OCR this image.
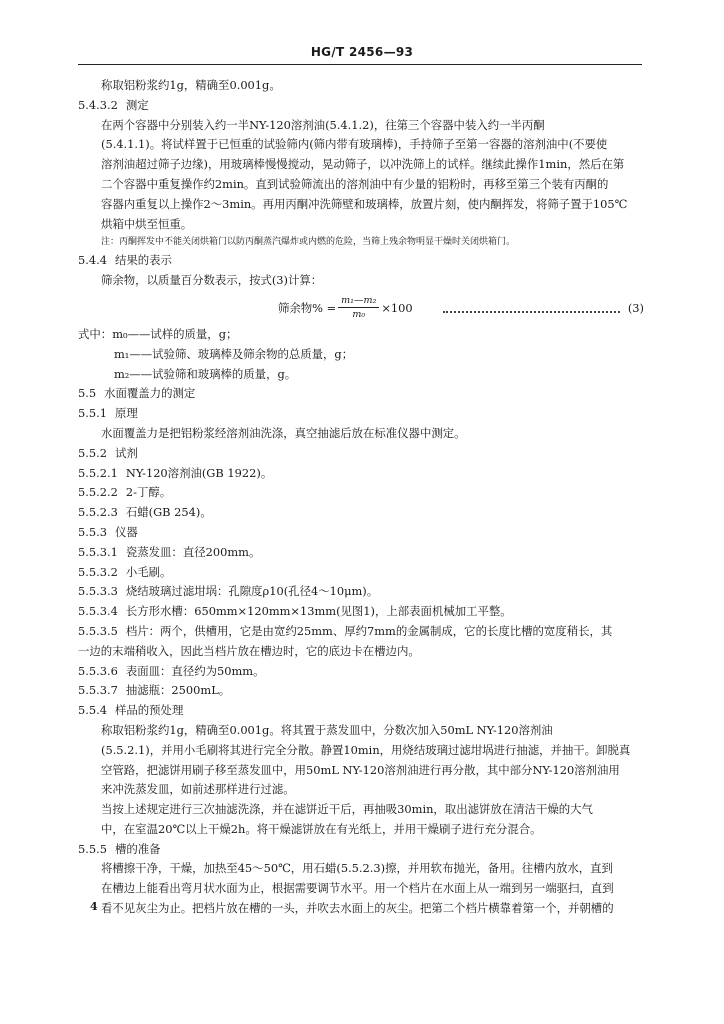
HG/T 2456—93

称取铝粉浆约1g，精确至0.001g。

5.4.3.2 测定

在两个容器中分别装入约一半NY-120溶剂油(5.4.1.2)，往第三个容器中装入约一半丙酮
(5.4.1.1)。将试样置于已恒重的试验筛内(筛内带有玻璃棒)，手持筛子至第一容器的溶剂油中(不要使
溶剂油超过筛子边缘)，用玻璃棒慢慢搅动，晃动筛子，以冲洗筛上的试样。继续此操作1min，然后在第
二个容器中重复操作约2min。直到试验筛流出的溶剂油中有少量的铝粉时，再移至第三个装有丙酮的
容器内重复以上操作2～3min。再用丙酮冲洗筛壁和玻璃棒，放置片刻，使内酮挥发，将筛子置于105℃
烘箱中烘至恒重。

注：丙酮挥发中不能关闭烘箱门以防丙酮蒸汽爆炸或内燃的危险，当筛上残余物明显干燥时关闭烘箱门。

5.4.4 结果的表示

筛余物，以质量百分数表示，按式(3)计算：

筛余物% = $\frac{\text{m₁—m₂}}{\text{m₀}} \times 100$	(3)

式中：m₀——试样的质量，g；
m₁——试验筛、玻璃棒及筛余物的总质量，g；
m₂——试验筛和玻璃棒的质量，g。

5.5 水面覆盖力的测定

5.5.1 原理

水面覆盖力是把铝粉浆经溶剂油洗涤，真空抽滤后放在标准仪器中测定。

5.5.2 试剂

5.5.2.1 NY-120溶剂油(GB 1922)。

5.5.2.2 2-丁醇。

5.5.2.3 石蜡(GB 254)。

5.5.3 仪器

5.5.3.1 瓷蒸发皿：直径200mm。

5.5.3.2 小毛刷。

5.5.3.3 烧结玻璃过滤坩埚：孔隙度ρ10(孔径4～10μm)。

5.5.3.4 长方形水槽：650mm×120mm×13mm(见图1)，上部表面机械加工平整。

5.5.3.5 档片：两个，供槽用，它是由宽约25mm、厚约7mm的金属制成，它的长度比槽的宽度稍长，其
一边的末端稍收入，因此当档片放在槽边时，它的底边卡在槽边内。

5.5.3.6 表面皿：直径约为50mm。

5.5.3.7 抽滤瓶：2500mL。

5.5.4 样品的预处理

称取铝粉浆约1g，精确至0.001g。将其置于蒸发皿中，分数次加入50mL NY-120溶剂油
(5.5.2.1)，并用小毛刷将其进行完全分散。静置10min，用烧结玻璃过滤坩埚进行抽滤，并抽干。卸脱真
空管路，把滤饼用刷子移至蒸发皿中，用50mL NY-120溶剂油进行再分散，其中部分NY-120溶剂油用
来冲洗蒸发皿，如前述那样进行过滤。

当按上述规定进行三次抽滤洗涤，并在滤饼近干后，再抽吸30min，取出滤饼放在清洁干燥的大气
中，在室温20℃以上干燥2h。将干燥滤饼放在有光纸上，并用干燥刷子进行充分混合。

5.5.5 槽的准备

将槽擦干净，干燥，加热至45～50℃，用石蜡(5.5.2.3)擦，并用软布抛光，备用。往槽内放水，直到
在槽边上能看出弯月状水面为止，根据需要调节水平。用一个档片在水面上从一端到另一端驱扫，直到
看不见灰尘为止。把档片放在槽的一头，并吹去水面上的灰尘。把第二个档片横靠着第一个，并朝槽的

4
